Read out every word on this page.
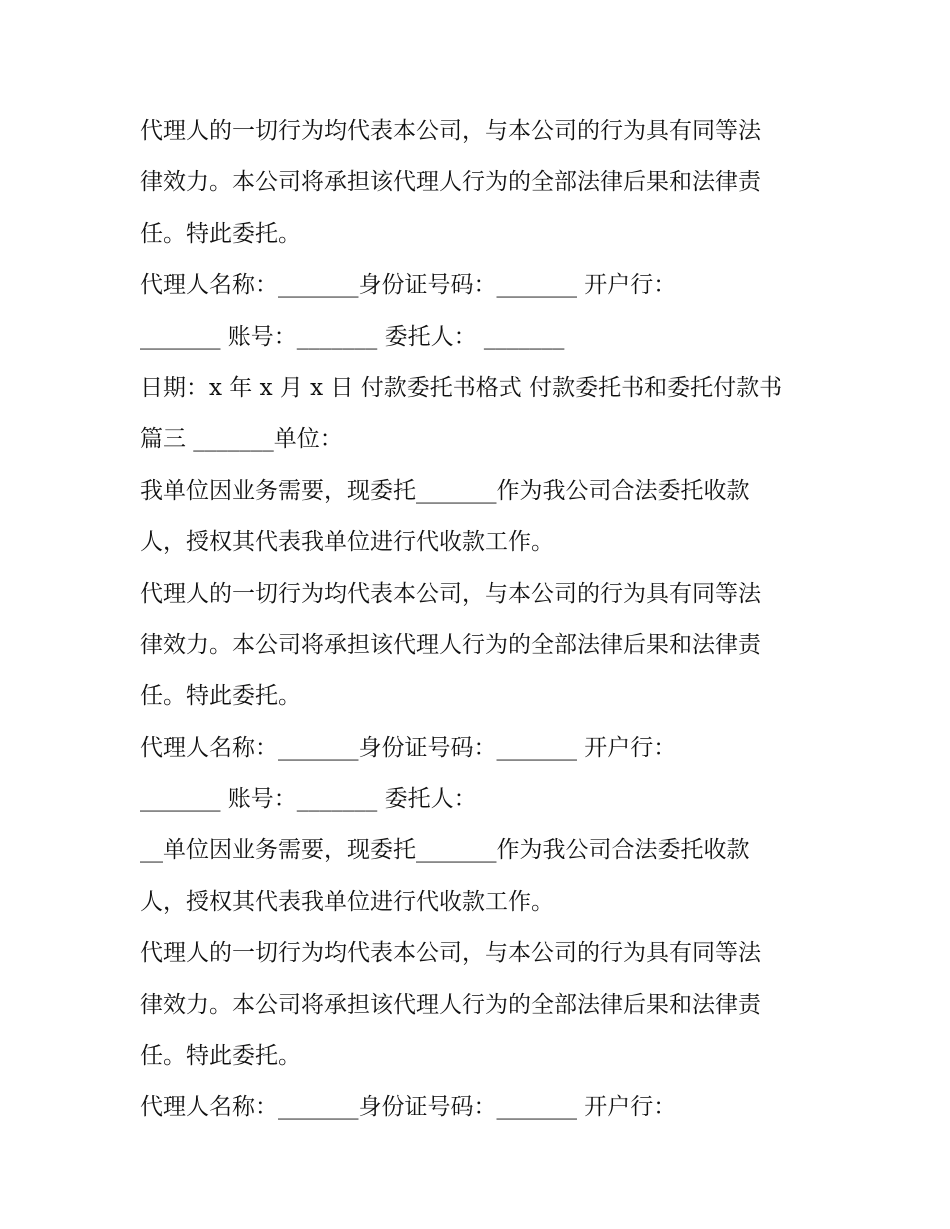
代理人的一切行为均代表本公司，与本公司的行为具有同等法

律效力。本公司将承担该代理人行为的全部法律后果和法律责

任。特此委托。

代理人名称：_______身份证号码：_______ 开户行：

_______ 账号：_______ 委托人： _______

日期：x 年 x 月 x 日 付款委托书格式 付款委托书和委托付款书

篇三 _______单位：

我单位因业务需要，现委托_______作为我公司合法委托收款

人，授权其代表我单位进行代收款工作。

代理人的一切行为均代表本公司，与本公司的行为具有同等法

律效力。本公司将承担该代理人行为的全部法律后果和法律责

任。特此委托。

代理人名称：_______身份证号码：_______ 开户行：

_______ 账号：_______ 委托人：

__单位因业务需要，现委托_______作为我公司合法委托收款

人，授权其代表我单位进行代收款工作。

代理人的一切行为均代表本公司，与本公司的行为具有同等法

律效力。本公司将承担该代理人行为的全部法律后果和法律责

任。特此委托。

代理人名称：_______身份证号码：_______ 开户行：
